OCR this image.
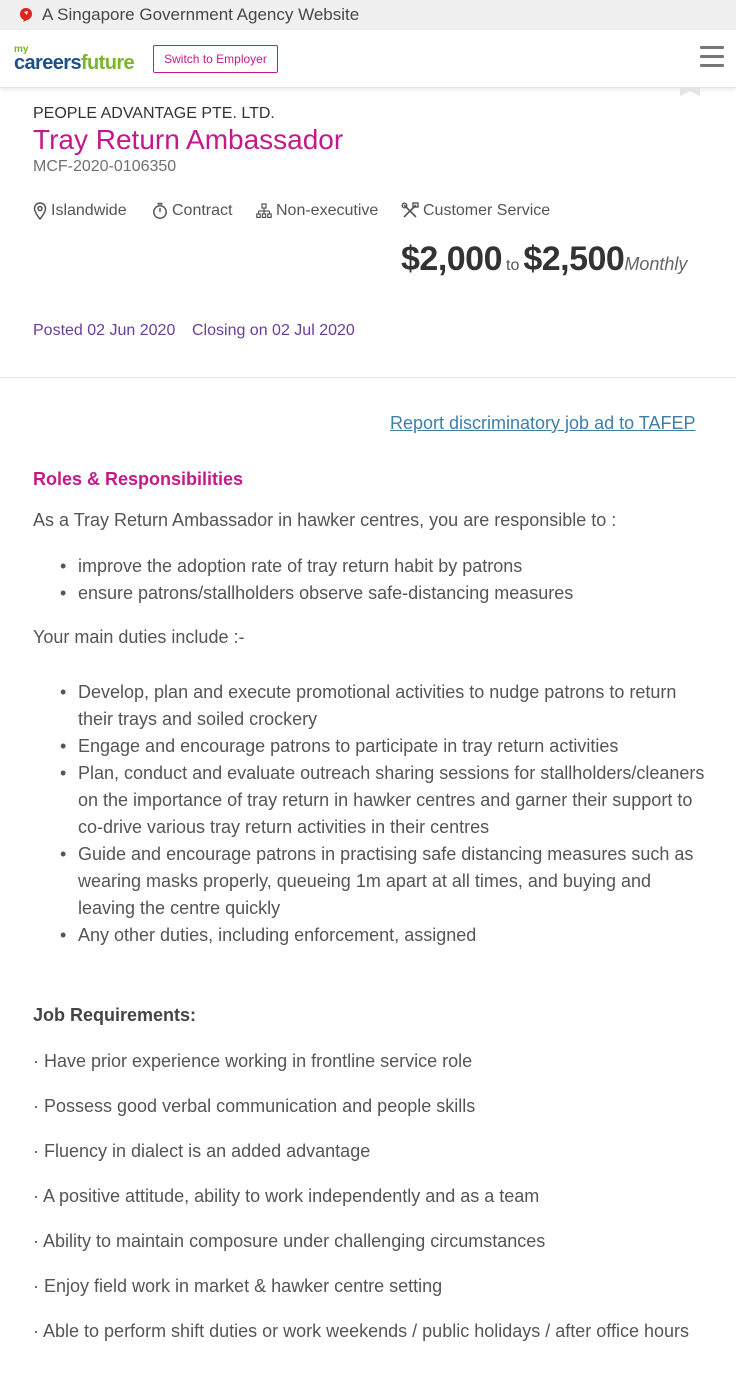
A Singapore Government Agency Website
my
careersfuture	Switch to Employer
PEOPLE ADVANTAGE PTE. LTD.
Tray Return Ambassador
MCF-2020-0106350
Islandwide	Contract	Non-executive	Customer Service
$2,000 to $2,500Monthly
Posted 02 Jun 2020 Closing on 02 Jul 2020
Report discriminatory job ad to TAFEP
Roles & Responsibilities
As a Tray Return Ambassador in hawker centres, you are responsible to :
• improve the adoption rate of tray return habit by patrons
• ensure patrons/stallholders observe safe-distancing measures
Your main duties include :-
• Develop, plan and execute promotional activities to nudge patrons to return their trays and soiled crockery
• Engage and encourage patrons to participate in tray return activities
• Plan, conduct and evaluate outreach sharing sessions for stallholders/cleaners on the importance of tray return in hawker centres and garner their support to co-drive various tray return activities in their centres
• Guide and encourage patrons in practising safe distancing measures such as wearing masks properly, queueing 1m apart at all times, and buying and leaving the centre quickly
• Any other duties, including enforcement, assigned
Job Requirements:
· Have prior experience working in frontline service role
· Possess good verbal communication and people skills
· Fluency in dialect is an added advantage
· A positive attitude, ability to work independently and as a team
· Ability to maintain composure under challenging circumstances
· Enjoy field work in market & hawker centre setting
· Able to perform shift duties or work weekends / public holidays / after office hours
